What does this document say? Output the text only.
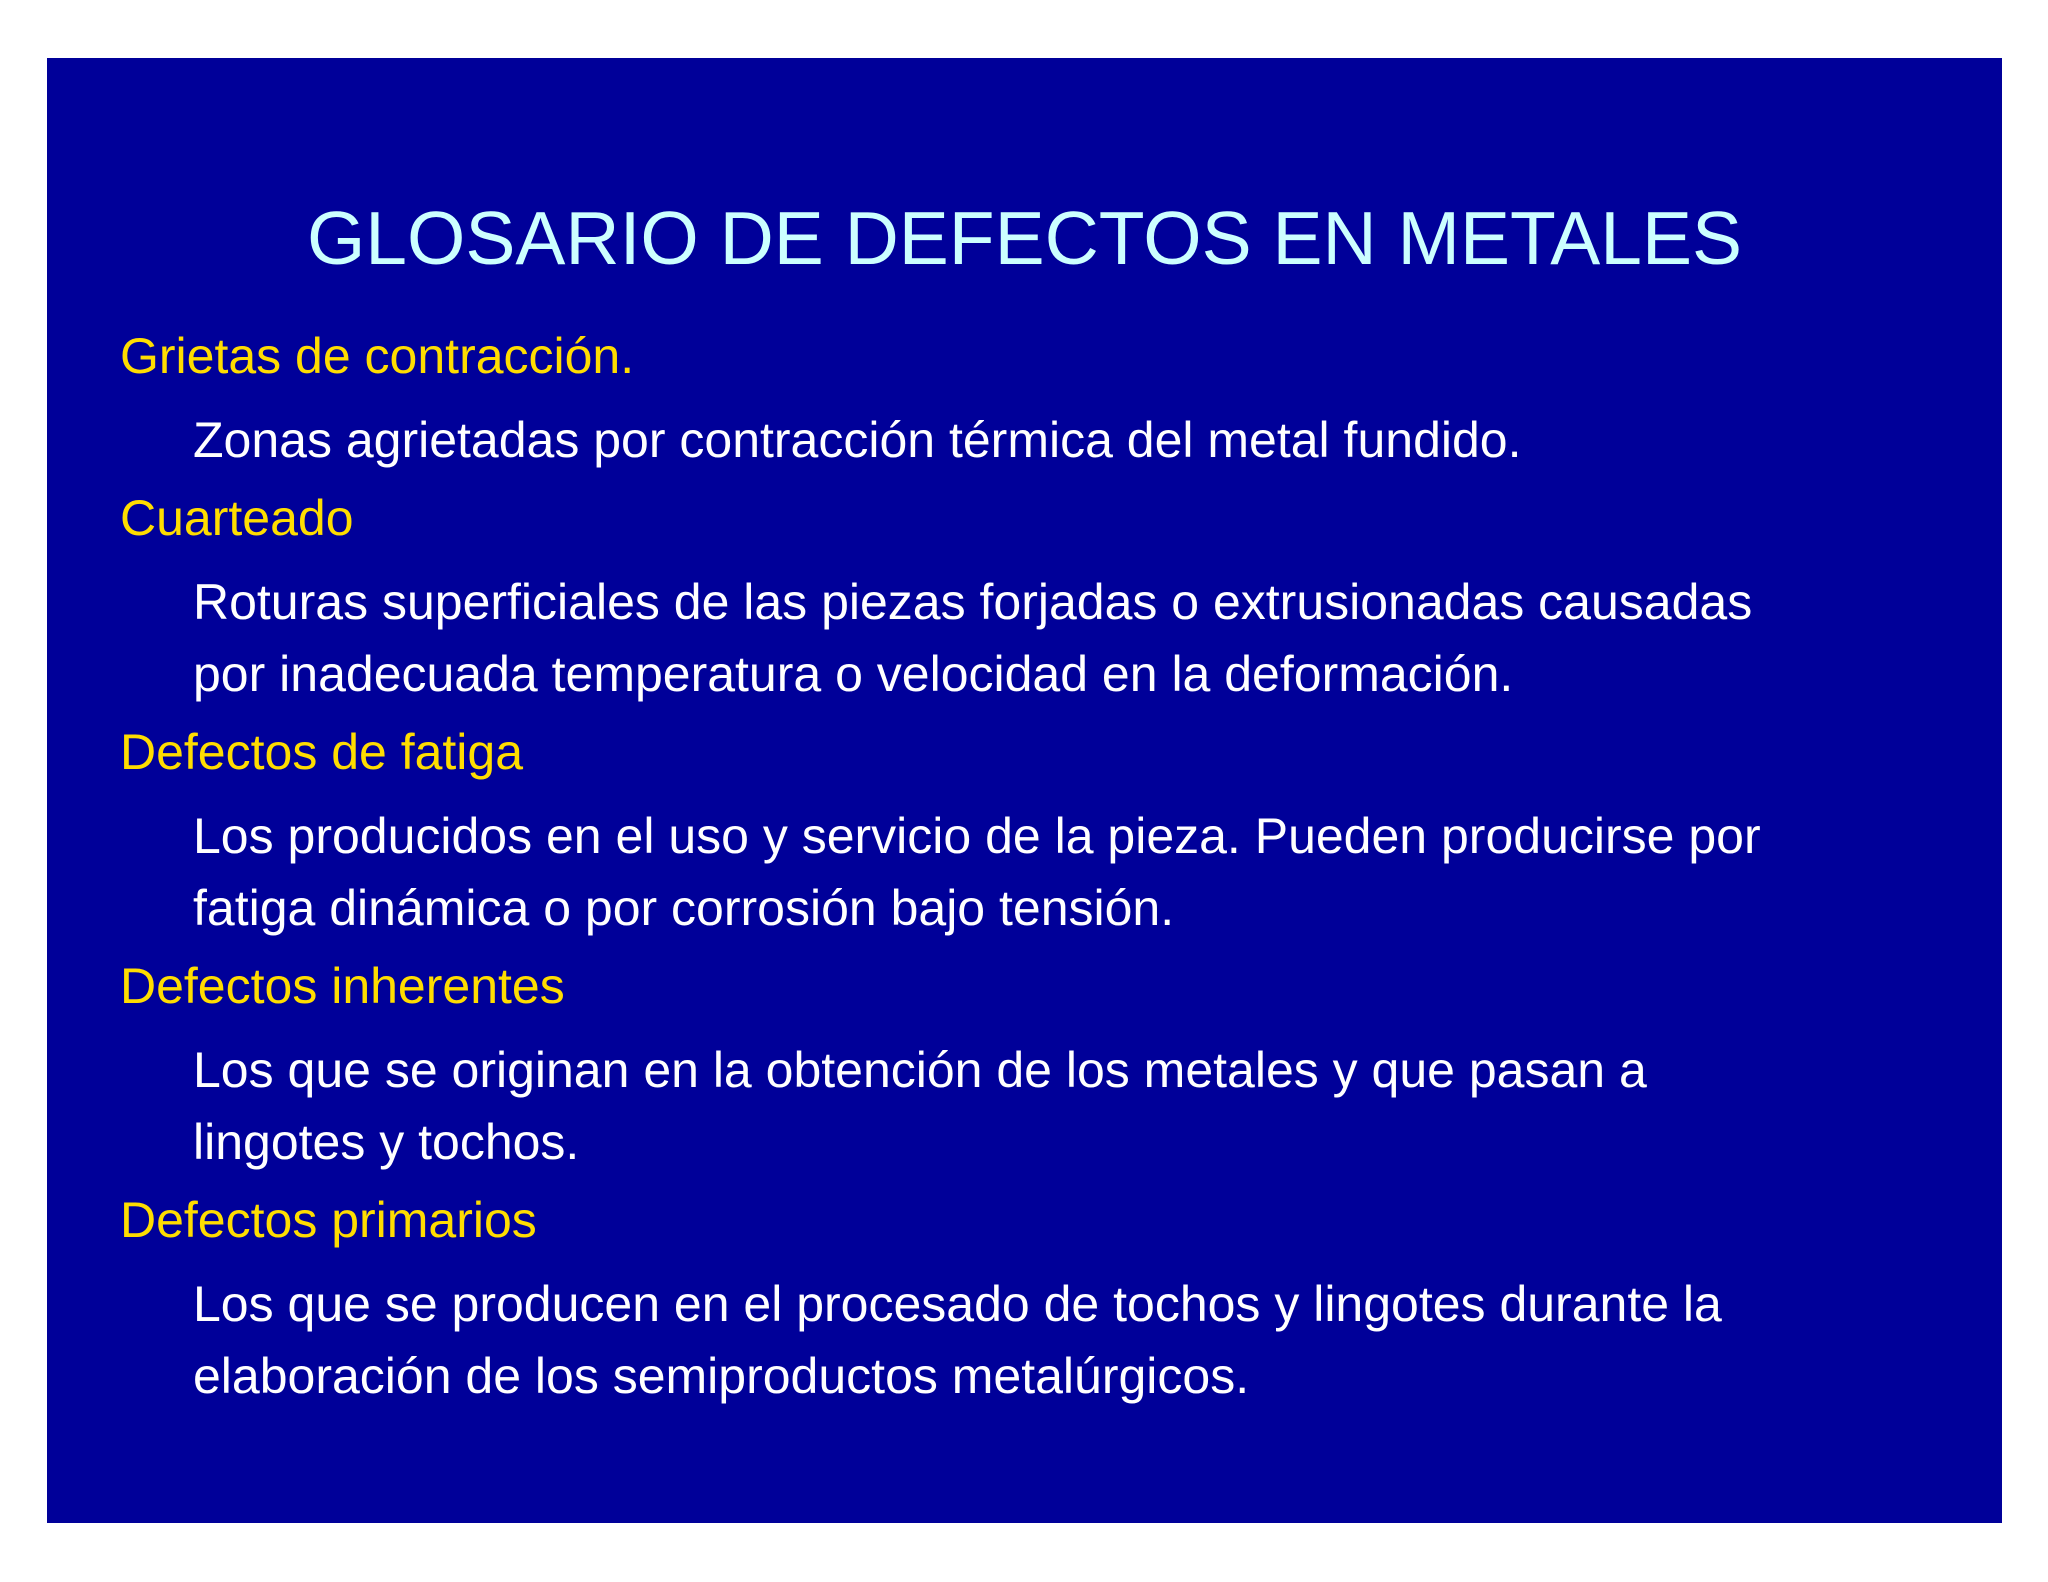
GLOSARIO DE DEFECTOS EN METALES

Grietas de contracción.

Zonas agrietadas por contracción térmica del metal fundido.

Cuarteado

Roturas superficiales de las piezas forjadas o extrusionadas causadas
por inadecuada temperatura o velocidad en la deformación.

Defectos de fatiga

Los producidos en el uso y servicio de la pieza. Pueden producirse por
fatiga dinámica o por corrosión bajo tensión.

Defectos inherentes

Los que se originan en la obtención de los metales y que pasan a
lingotes y tochos.

Defectos primarios

Los que se producen en el procesado de tochos y lingotes durante la
elaboración de los semiproductos metalúrgicos.
